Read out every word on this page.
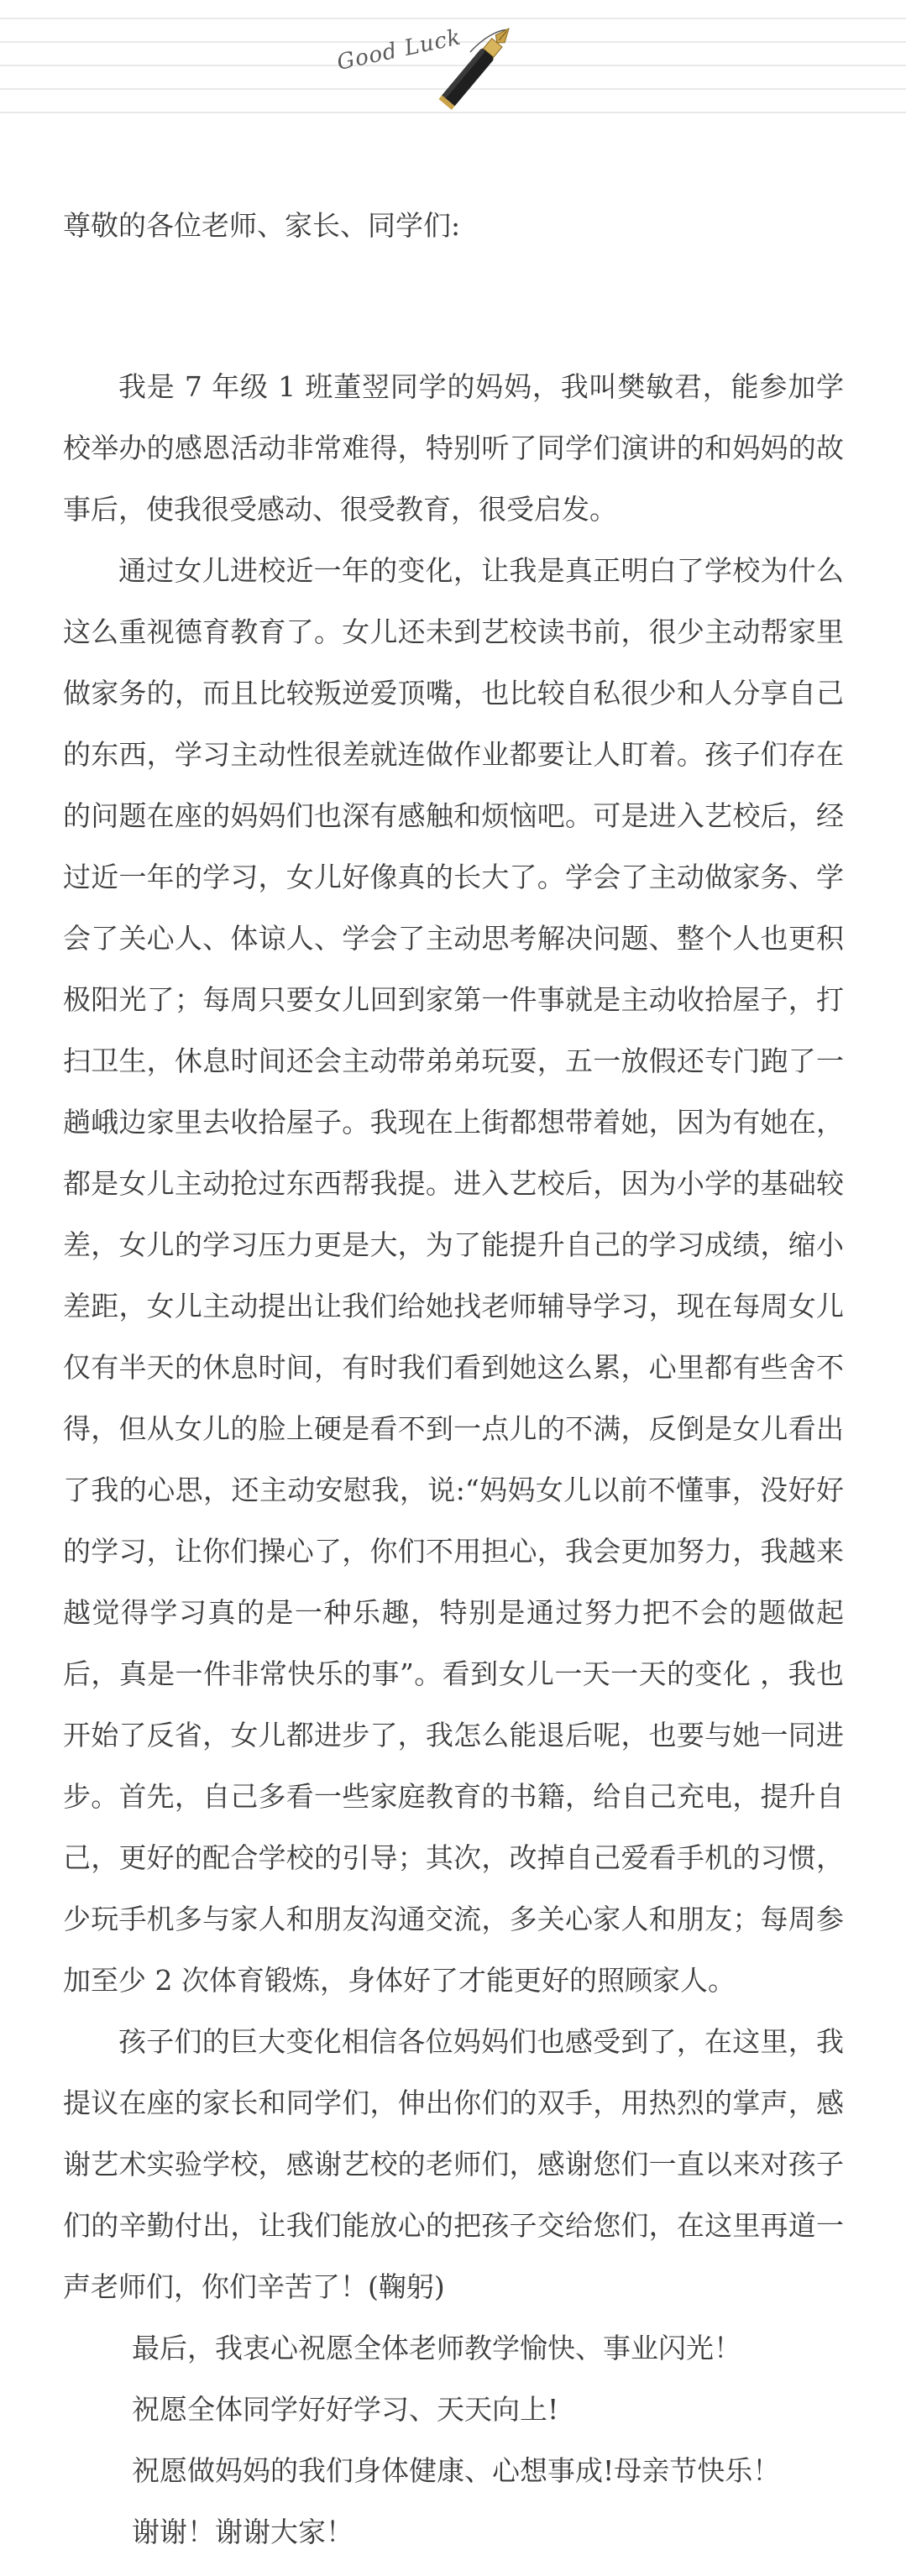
Good Luck

尊敬的各位老师、家长、同学们:

我是 7 年级 1 班董翌同学的妈妈，我叫樊敏君，能参加学校举办的感恩活动非常难得，特别听了同学们演讲的和妈妈的故事后，使我很受感动、很受教育，很受启发。

通过女儿进校近一年的变化，让我是真正明白了学校为什么这么重视德育教育了。女儿还未到艺校读书前，很少主动帮家里做家务的，而且比较叛逆爱顶嘴，也比较自私很少和人分享自己的东西，学习主动性很差就连做作业都要让人盯着。孩子们存在的问题在座的妈妈们也深有感触和烦恼吧。可是进入艺校后，经过近一年的学习，女儿好像真的长大了。学会了主动做家务、学会了关心人、体谅人、学会了主动思考解决问题、整个人也更积极阳光了；每周只要女儿回到家第一件事就是主动收拾屋子，打扫卫生，休息时间还会主动带弟弟玩耍，五一放假还专门跑了一趟峨边家里去收拾屋子。我现在上街都想带着她，因为有她在，都是女儿主动抢过东西帮我提。进入艺校后，因为小学的基础较差，女儿的学习压力更是大，为了能提升自己的学习成绩，缩小差距，女儿主动提出让我们给她找老师辅导学习，现在每周女儿仅有半天的休息时间，有时我们看到她这么累，心里都有些舍不得，但从女儿的脸上硬是看不到一点儿的不满，反倒是女儿看出了我的心思，还主动安慰我，说:“妈妈女儿以前不懂事，没好好的学习，让你们操心了，你们不用担心，我会更加努力，我越来越觉得学习真的是一种乐趣，特别是通过努力把不会的题做起后，真是一件非常快乐的事”。看到女儿一天一天的变化 ，我也开始了反省，女儿都进步了，我怎么能退后呢，也要与她一同进步。首先，自己多看一些家庭教育的书籍，给自己充电，提升自己，更好的配合学校的引导；其次，改掉自己爱看手机的习惯，少玩手机多与家人和朋友沟通交流，多关心家人和朋友；每周参加至少 2 次体育锻炼，身体好了才能更好的照顾家人。

孩子们的巨大变化相信各位妈妈们也感受到了，在这里，我提议在座的家长和同学们，伸出你们的双手，用热烈的掌声，感谢艺术实验学校，感谢艺校的老师们，感谢您们一直以来对孩子们的辛勤付出，让我们能放心的把孩子交给您们，在这里再道一声老师们，你们辛苦了！(鞠躬)

最后，我衷心祝愿全体老师教学愉快、事业闪光！

祝愿全体同学好好学习、天天向上!

祝愿做妈妈的我们身体健康、心想事成!母亲节快乐！

谢谢！谢谢大家！
